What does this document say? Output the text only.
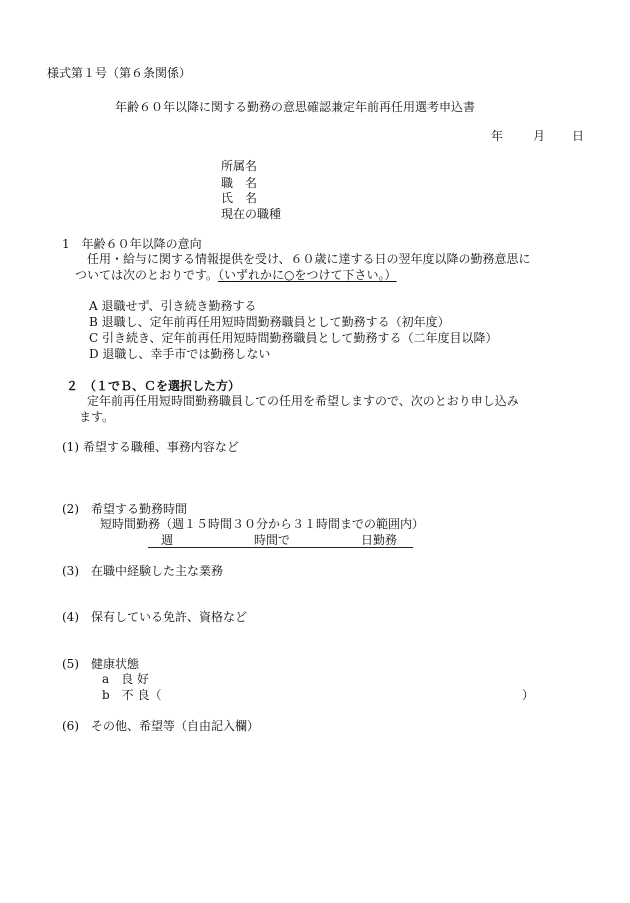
様式第１号（第６条関係）
年齢６０年以降に関する勤務の意思確認兼定年前再任用選考申込書
年 月 日
所属名
職　名
氏　名
現在の職種
1　年齢６０年以降の意向
任用・給与に関する情報提供を受け、６０歳に達する日の翌年度以降の勤務意思に
ついては次のとおりです。（いずれかに○をつけて下さい。）
A 退職せず、引き続き勤務する
B 退職し、定年前再任用短時間勤務職員として勤務する（初年度）
C 引き続き、定年前再任用短時間勤務職員として勤務する（二年度目以降）
D 退職し、幸手市では勤務しない
２　（１でＢ、Ｃを選択した方）
定年前再任用短時間勤務職員しての任用を希望しますので、次のとおり申し込み
ます。
(1) 希望する職種、事務内容など
(2)　希望する勤務時間
短時間勤務（週１５時間３０分から３１時間までの範囲内）
週	時間で	日勤務
(3)　在職中経験した主な業務
(4)　保有している免許、資格など
(5)　健康状態
a　良 好
b　不 良（	）
(6)　その他、希望等（自由記入欄）
